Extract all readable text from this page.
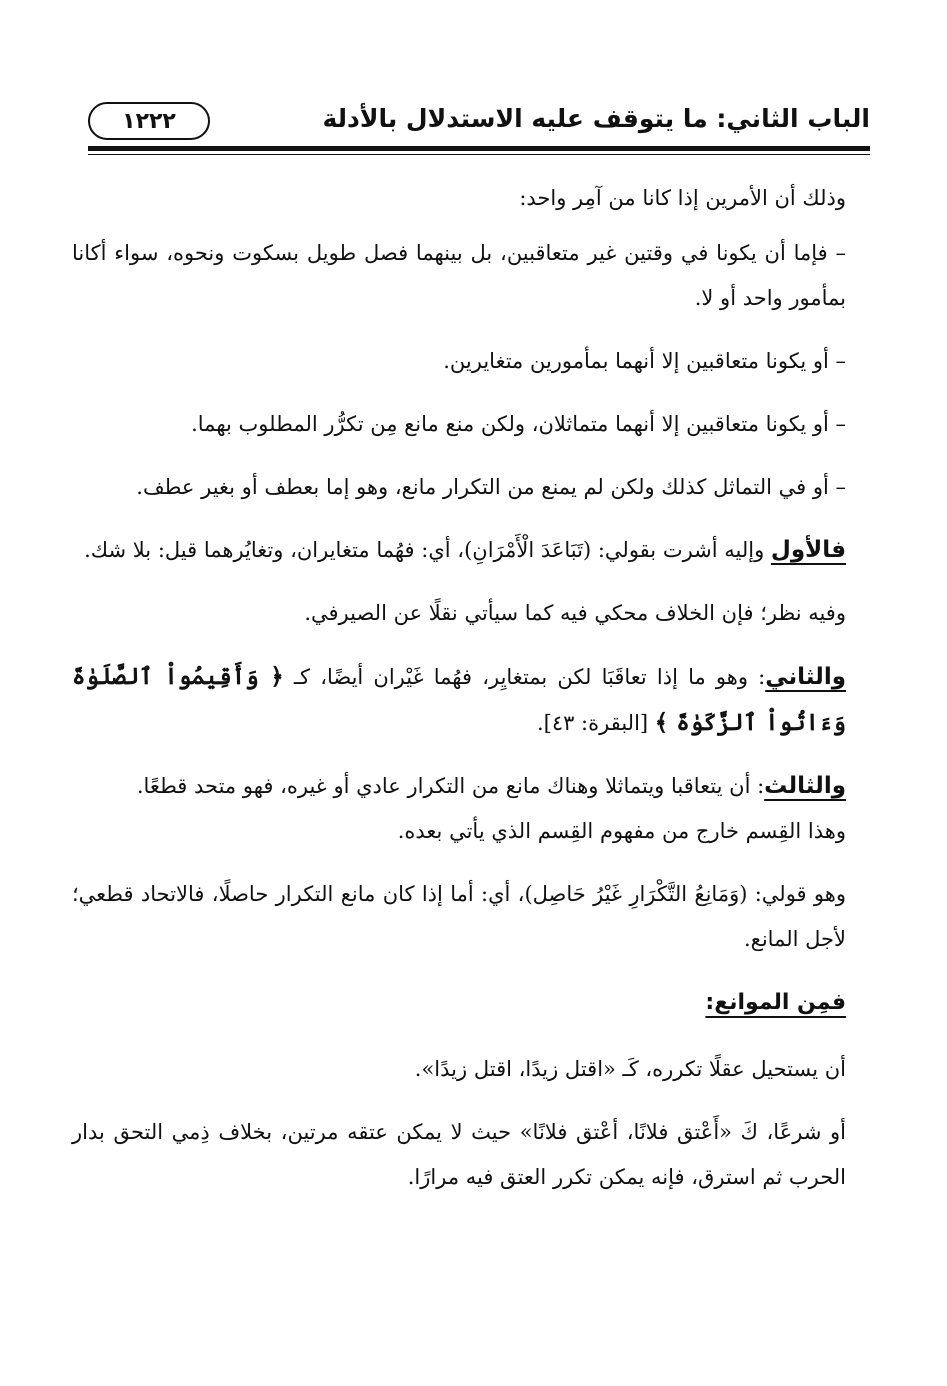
١٢٢٢	الباب الثاني: ما يتوقف عليه الاستدلال بالأدلة

وذلك أن الأمرين إذا كانا من آمِر واحد:

– فإما أن يكونا في وقتين غير متعاقبين، بل بينهما فصل طويل بسكوت ونحوه، سواء أكانا بمأمور واحد أو لا.

– أو يكونا متعاقبين إلا أنهما بمأمورين متغايرين.

– أو يكونا متعاقبين إلا أنهما متماثلان، ولكن منع مانع مِن تكرُّر المطلوب بهما.

– أو في التماثل كذلك ولكن لم يمنع من التكرار مانع، وهو إما بعطف أو بغير عطف.

فالأول وإليه أشرت بقولي: (تَبَاعَدَ الْأَمْرَانِ)، أي: فهُما متغايران، وتغايُرهما قيل: بلا شك.

وفيه نظر؛ فإن الخلاف محكي فيه كما سيأتي نقلًا عن الصيرفي.

والثاني: وهو ما إذا تعاقَبَا لكن بمتغايِر، فهُما غَيْران أيضًا، كـ ﴿ وَأَقِيمُواْ ٱلصَّلَوٰةَ وَءَاتُواْ ٱلزَّكَوٰةَ ﴾ [البقرة: ٤٣].

والثالث: أن يتعاقبا ويتماثلا وهناك مانع من التكرار عادي أو غيره، فهو متحد قطعًا.

وهذا القِسم خارج من مفهوم القِسم الذي يأتي بعده.

وهو قولي: (وَمَانِعُ التَّكْرَارِ غَيْرُ حَاصِل)، أي: أما إذا كان مانع التكرار حاصلًا، فالاتحاد قطعي؛ لأجل المانع.

فمِن الموانع:

أن يستحيل عقلًا تكرره، كَـ «اقتل زيدًا، اقتل زيدًا».

أو شرعًا، كَ «أَعْتق فلانًا، أعْتق فلانًا» حيث لا يمكن عتقه مرتين، بخلاف ذِمي التحق بدار الحرب ثم استرق، فإنه يمكن تكرر العتق فيه مرارًا.
